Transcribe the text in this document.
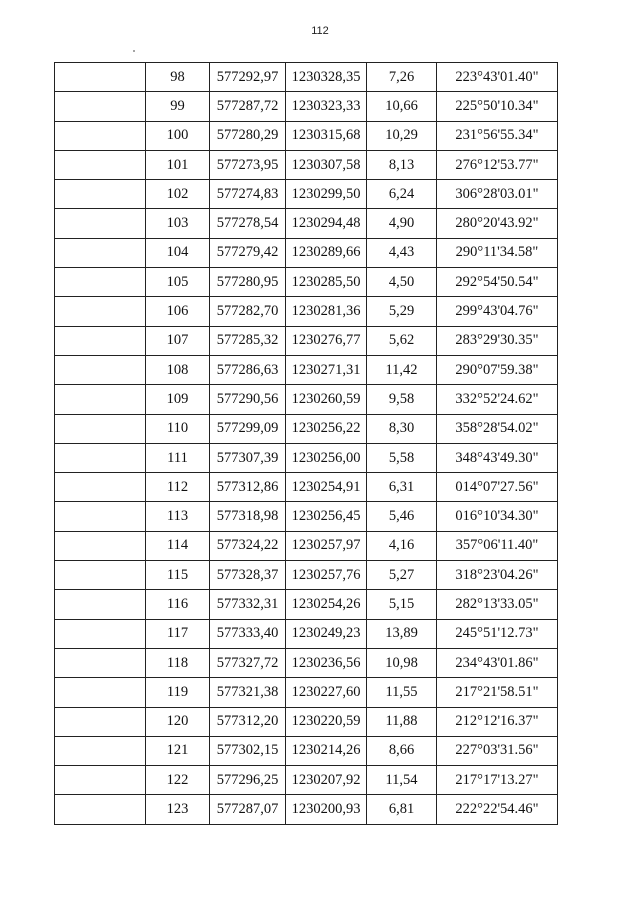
112
	98	577292,97	1230328,35	7,26	223°43'01.40"
	99	577287,72	1230323,33	10,66	225°50'10.34"
	100	577280,29	1230315,68	10,29	231°56'55.34"
	101	577273,95	1230307,58	8,13	276°12'53.77"
	102	577274,83	1230299,50	6,24	306°28'03.01"
	103	577278,54	1230294,48	4,90	280°20'43.92"
	104	577279,42	1230289,66	4,43	290°11'34.58"
	105	577280,95	1230285,50	4,50	292°54'50.54"
	106	577282,70	1230281,36	5,29	299°43'04.76"
	107	577285,32	1230276,77	5,62	283°29'30.35"
	108	577286,63	1230271,31	11,42	290°07'59.38"
	109	577290,56	1230260,59	9,58	332°52'24.62"
	110	577299,09	1230256,22	8,30	358°28'54.02"
	111	577307,39	1230256,00	5,58	348°43'49.30"
	112	577312,86	1230254,91	6,31	014°07'27.56"
	113	577318,98	1230256,45	5,46	016°10'34.30"
	114	577324,22	1230257,97	4,16	357°06'11.40"
	115	577328,37	1230257,76	5,27	318°23'04.26"
	116	577332,31	1230254,26	5,15	282°13'33.05"
	117	577333,40	1230249,23	13,89	245°51'12.73"
	118	577327,72	1230236,56	10,98	234°43'01.86"
	119	577321,38	1230227,60	11,55	217°21'58.51"
	120	577312,20	1230220,59	11,88	212°12'16.37"
	121	577302,15	1230214,26	8,66	227°03'31.56"
	122	577296,25	1230207,92	11,54	217°17'13.27"
	123	577287,07	1230200,93	6,81	222°22'54.46"
